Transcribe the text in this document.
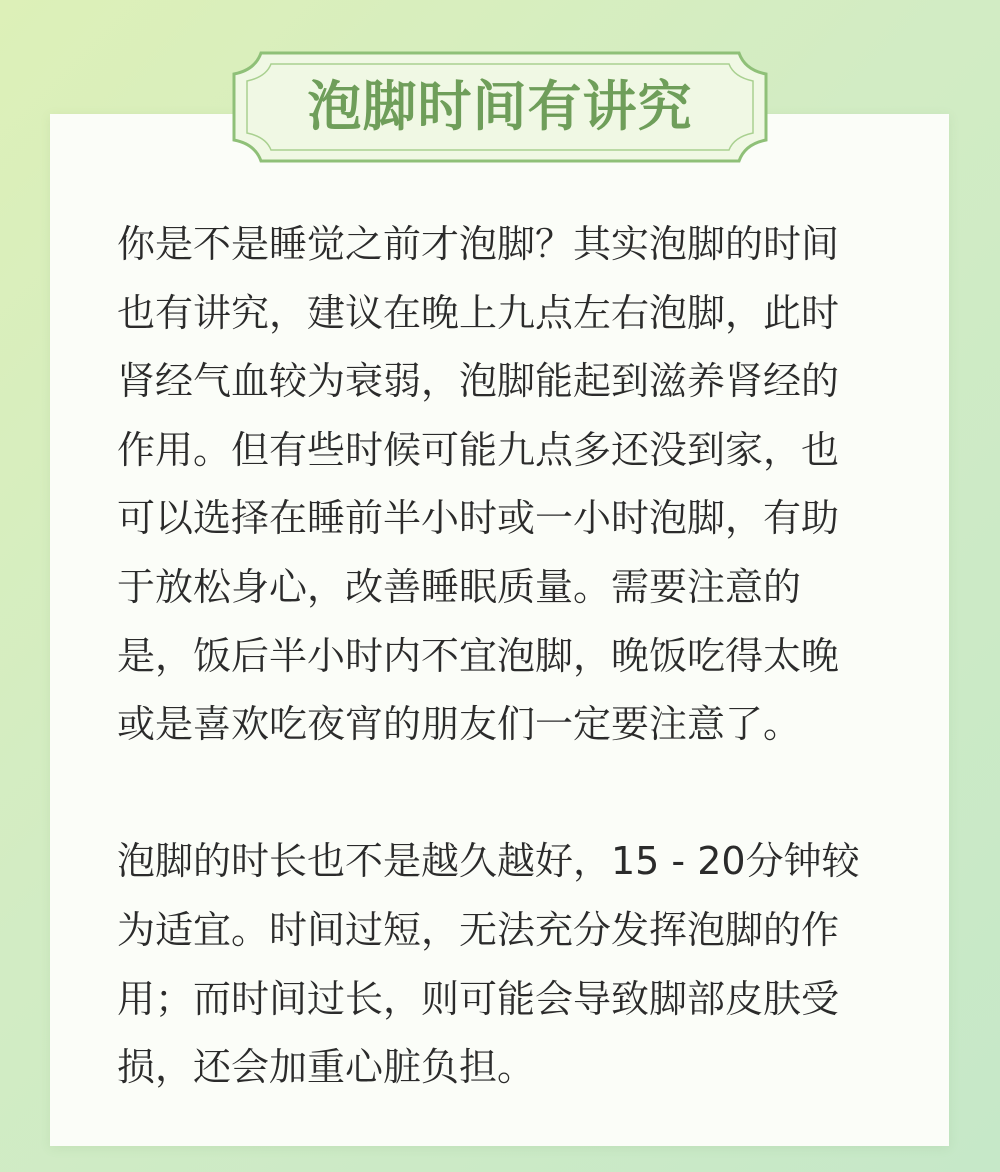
泡脚时间有讲究

你是不是睡觉之前才泡脚？其实泡脚的时间
也有讲究，建议在晚上九点左右泡脚，此时
肾经气血较为衰弱，泡脚能起到滋养肾经的
作用。但有些时候可能九点多还没到家，也
可以选择在睡前半小时或一小时泡脚，有助
于放松身心，改善睡眠质量。需要注意的
是，饭后半小时内不宜泡脚，晚饭吃得太晚
或是喜欢吃夜宵的朋友们一定要注意了。

泡脚的时长也不是越久越好，15 - 20分钟较
为适宜。时间过短，无法充分发挥泡脚的作
用；而时间过长，则可能会导致脚部皮肤受
损，还会加重心脏负担。
